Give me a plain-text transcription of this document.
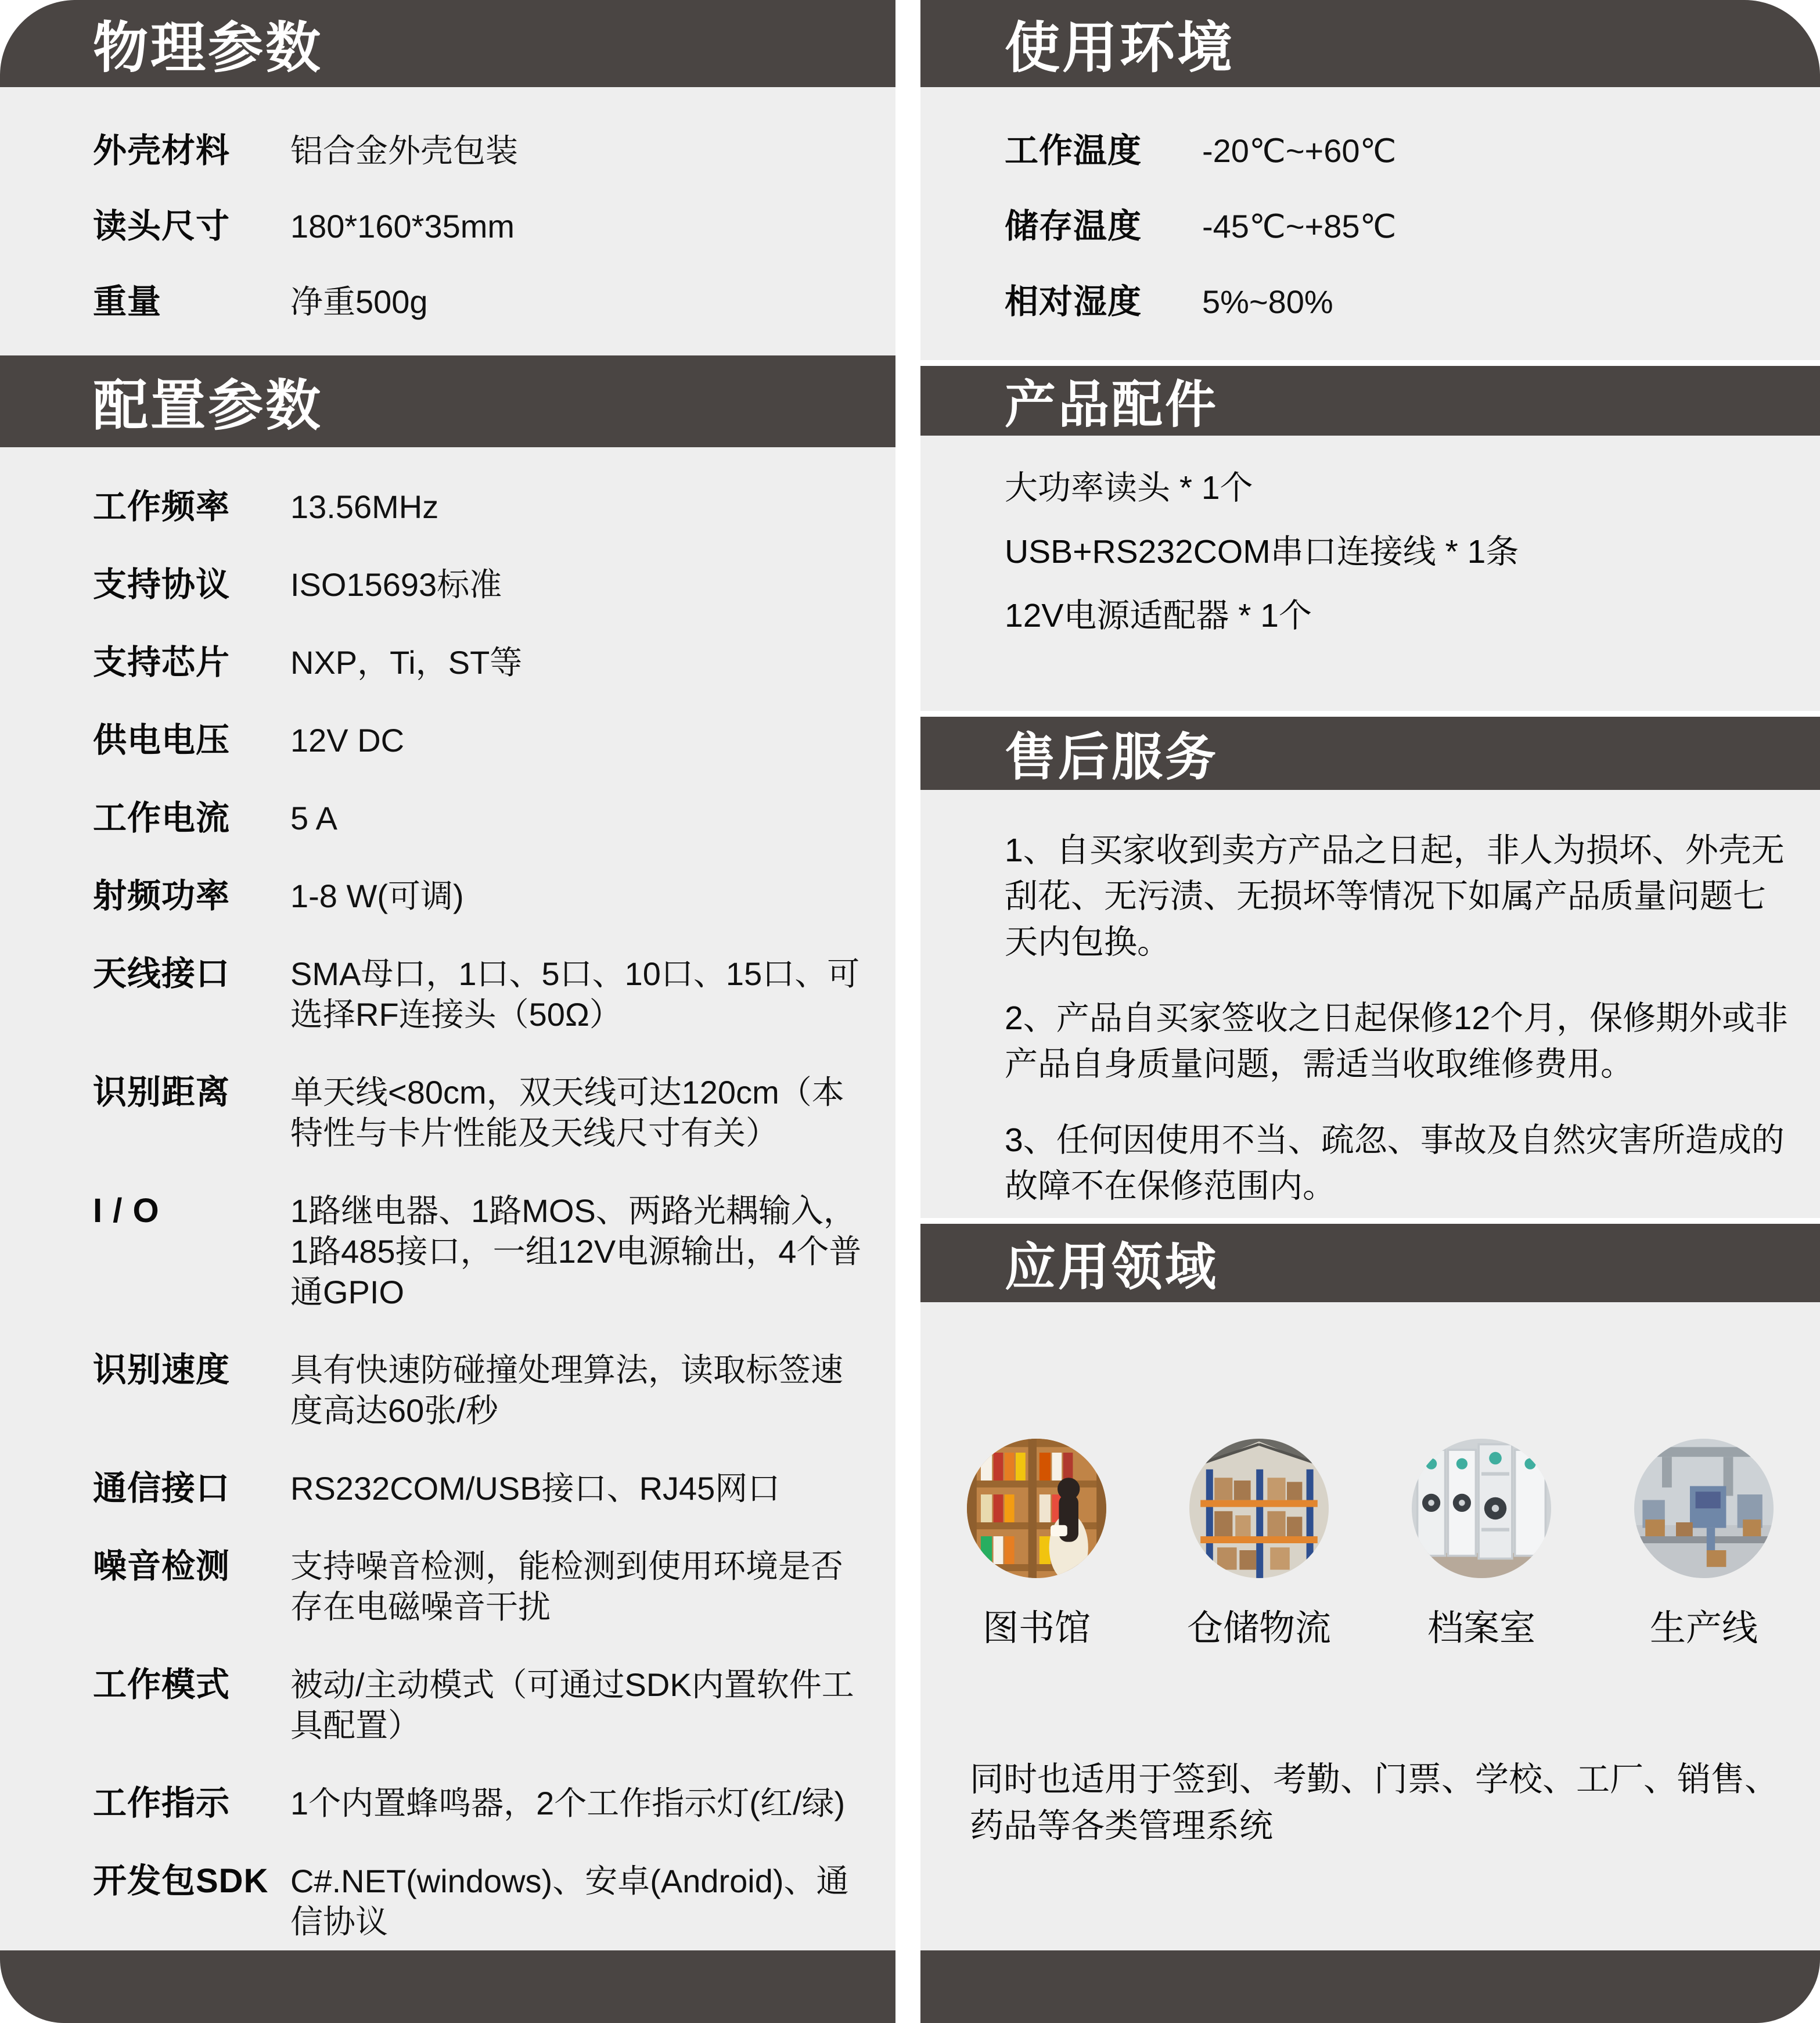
物理参数
外壳材料	铝合金外壳包装
读头尺寸	180*160*35mm
重量	净重500g
配置参数
工作频率	13.56MHz
支持协议	ISO15693标准
支持芯片	NXP，Ti，ST等
供电电压	12V DC
工作电流	5 A
射频功率	1-8 W(可调)
天线接口	SMA母口，1口、5口、10口、15口、可选择RF连接头（50Ω）
识别距离	单天线<80cm，双天线可达120cm（本特性与卡片性能及天线尺寸有关）
I / O	1路继电器、1路MOS、两路光耦输入，1路485接口，一组12V电源输出，4个普通GPIO
识别速度	具有快速防碰撞处理算法，读取标签速度高达60张/秒
通信接口	RS232COM/USB接口、RJ45网口
噪音检测	支持噪音检测，能检测到使用环境是否存在电磁噪音干扰
工作模式	被动/主动模式（可通过SDK内置软件工具配置）
工作指示	1个内置蜂鸣器，2个工作指示灯(红/绿)
开发包SDK C#.NET(windows)、安卓(Android)、通信协议
使用环境
工作温度	-20℃~+60℃
储存温度	-45℃~+85℃
相对湿度	5%~80%
产品配件
大功率读头 * 1个
USB+RS232COM串口连接线 * 1条
12V电源适配器 * 1个
售后服务

1、自买家收到卖方产品之日起，非人为损坏、外壳无刮花、无污渍、无损坏等情况下如属产品质量问题七天内包换。

2、产品自买家签收之日起保修12个月，保修期外或非产品自身质量问题，需适当收取维修费用。

3、任何因使用不当、疏忽、事故及自然灾害所造成的故障不在保修范围内。

应用领域
图书馆	仓储物流	档案室	生产线
同时也适用于签到、考勤、门票、学校、工厂、销售、药品等各类管理系统
